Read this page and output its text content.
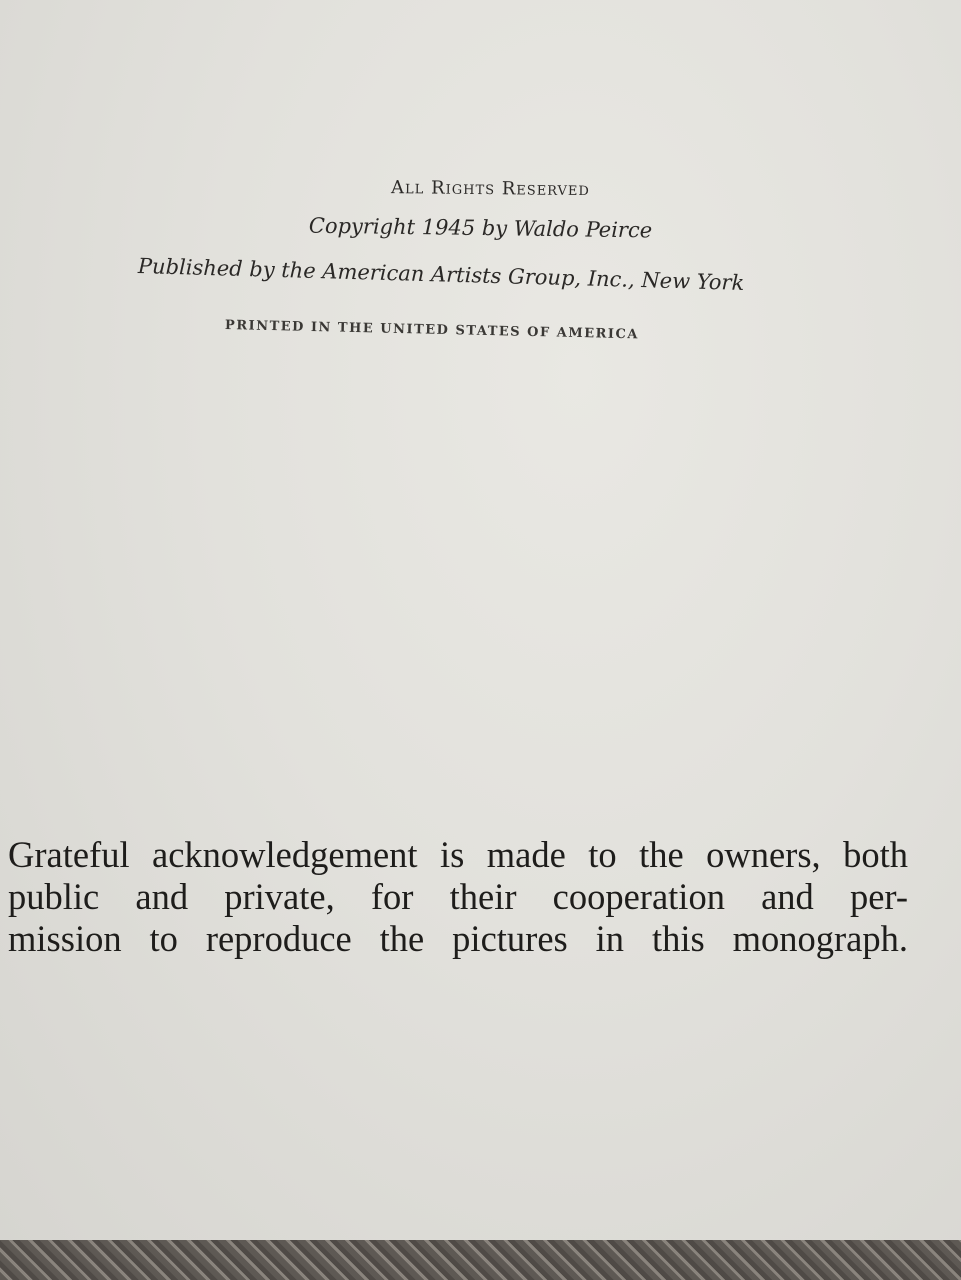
All Rights Reserved
Copyright 1945 by Waldo Peirce
Published by the American Artists Group, Inc., New York
PRINTED IN THE UNITED STATES OF AMERICA
Grateful acknowledgement is made to the owners, both
public and private, for their cooperation and per-
mission to reproduce the pictures in this monograph.
